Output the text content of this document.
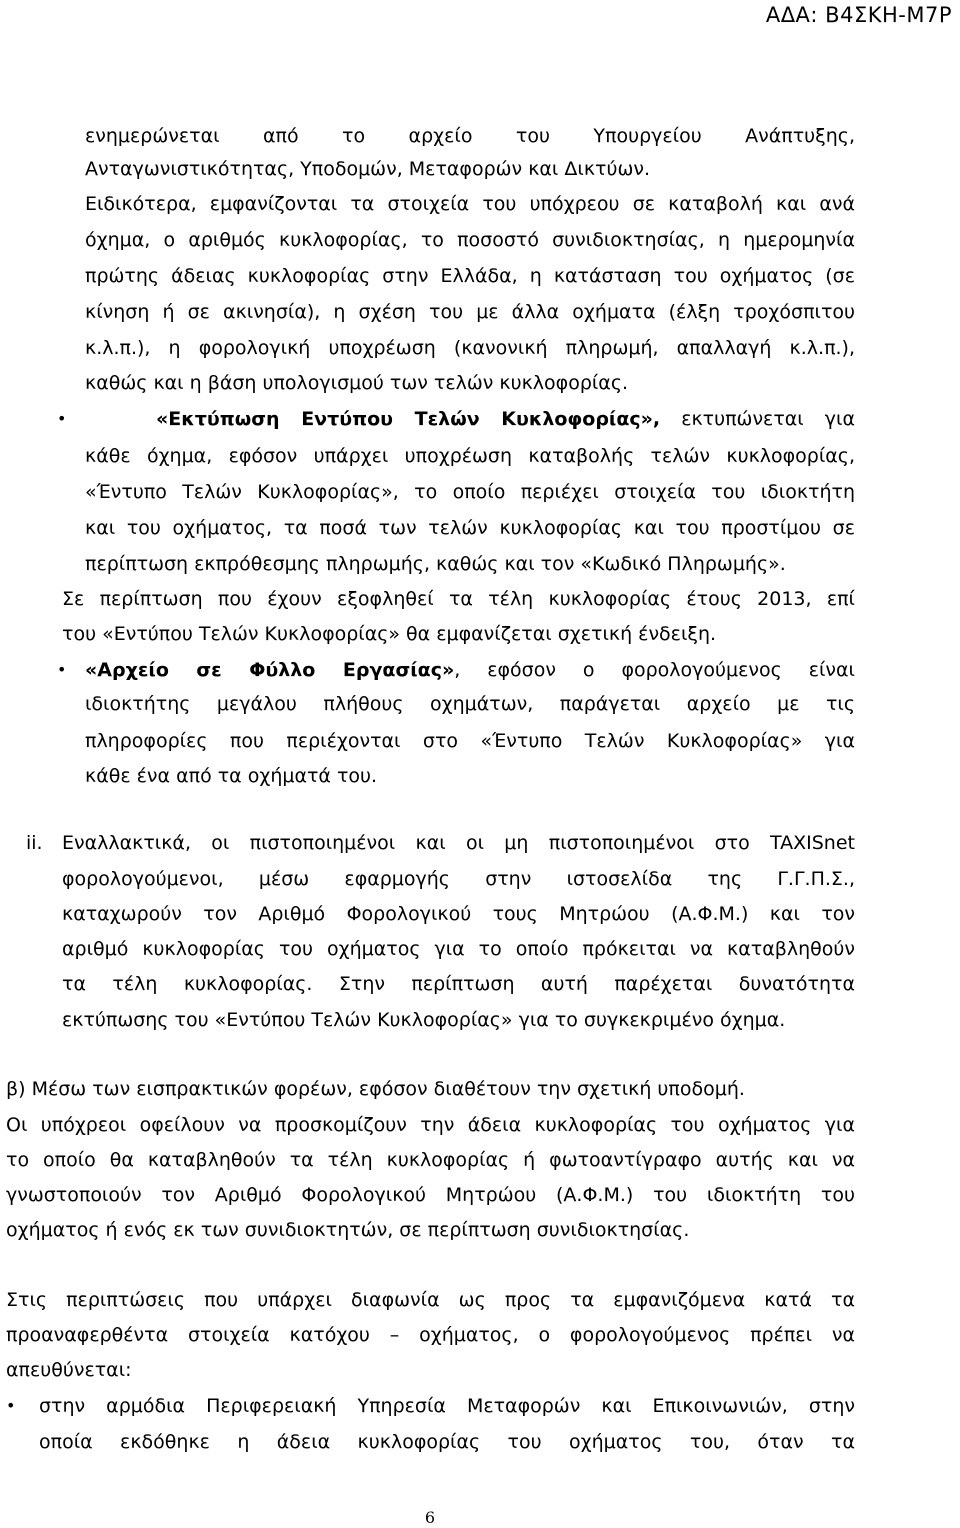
ΑΔΑ: Β4ΣΚΗ-Μ7Ρ
ενημερώνεται από το αρχείο του Υπουργείου Ανάπτυξης,
Ανταγωνιστικότητας, Υποδομών, Μεταφορών και Δικτύων.
Ειδικότερα, εμφανίζονται τα στοιχεία του υπόχρεου σε καταβολή και ανά
όχημα, ο αριθμός κυκλοφορίας, το ποσοστό συνιδιοκτησίας, η ημερομηνία
πρώτης άδειας κυκλοφορίας στην Ελλάδα, η κατάσταση του οχήματος (σε
κίνηση ή σε ακινησία), η σχέση του με άλλα οχήματα (έλξη τροχόσπιτου
κ.λ.π.), η φορολογική υποχρέωση (κανονική πληρωμή, απαλλαγή κ.λ.π.),
καθώς και η βάση υπολογισμού των τελών κυκλοφορίας.
•	«Εκτύπωση Εντύπου Τελών Κυκλοφορίας», εκτυπώνεται για
κάθε όχημα, εφόσον υπάρχει υποχρέωση καταβολής τελών κυκλοφορίας,
«Έντυπο Τελών Κυκλοφορίας», το οποίο περιέχει στοιχεία του ιδιοκτήτη
και του οχήματος, τα ποσά των τελών κυκλοφορίας και του προστίμου σε
περίπτωση εκπρόθεσμης πληρωμής, καθώς και τον «Κωδικό Πληρωμής».
Σε περίπτωση που έχουν εξοφληθεί τα τέλη κυκλοφορίας έτους 2013, επί
του «Εντύπου Τελών Κυκλοφορίας» θα εμφανίζεται σχετική ένδειξη.
• «Αρχείο σε Φύλλο Εργασίας», εφόσον ο φορολογούμενος είναι
ιδιοκτήτης μεγάλου πλήθους οχημάτων, παράγεται αρχείο με τις
πληροφορίες που περιέχονται στο «Έντυπο Τελών Κυκλοφορίας» για
κάθε ένα από τα οχήματά του.
ii. Εναλλακτικά, οι πιστοποιημένοι και οι μη πιστοποιημένοι στο TAXISnet
φορολογούμενοι, μέσω εφαρμογής στην ιστοσελίδα της Γ.Γ.Π.Σ.,
καταχωρούν τον Αριθμό Φορολογικού τους Μητρώου (Α.Φ.Μ.) και τον
αριθμό κυκλοφορίας του οχήματος για το οποίο πρόκειται να καταβληθούν
τα τέλη κυκλοφορίας. Στην περίπτωση αυτή παρέχεται δυνατότητα
εκτύπωσης του «Εντύπου Τελών Κυκλοφορίας» για το συγκεκριμένο όχημα.
β) Μέσω των εισπρακτικών φορέων, εφόσον διαθέτουν την σχετική υποδομή.
Οι υπόχρεοι οφείλουν να προσκομίζουν την άδεια κυκλοφορίας του οχήματος για
το οποίο θα καταβληθούν τα τέλη κυκλοφορίας ή φωτοαντίγραφο αυτής και να
γνωστοποιούν τον Αριθμό Φορολογικού Μητρώου (Α.Φ.Μ.) του ιδιοκτήτη του
οχήματος ή ενός εκ των συνιδιοκτητών, σε περίπτωση συνιδιοκτησίας.
Στις περιπτώσεις που υπάρχει διαφωνία ως προς τα εμφανιζόμενα κατά τα
προαναφερθέντα στοιχεία κατόχου – οχήματος, ο φορολογούμενος πρέπει να
απευθύνεται:
• στην αρμόδια Περιφερειακή Υπηρεσία Μεταφορών και Επικοινωνιών, στην
οποία εκδόθηκε η άδεια κυκλοφορίας του οχήματος του, όταν τα
6
